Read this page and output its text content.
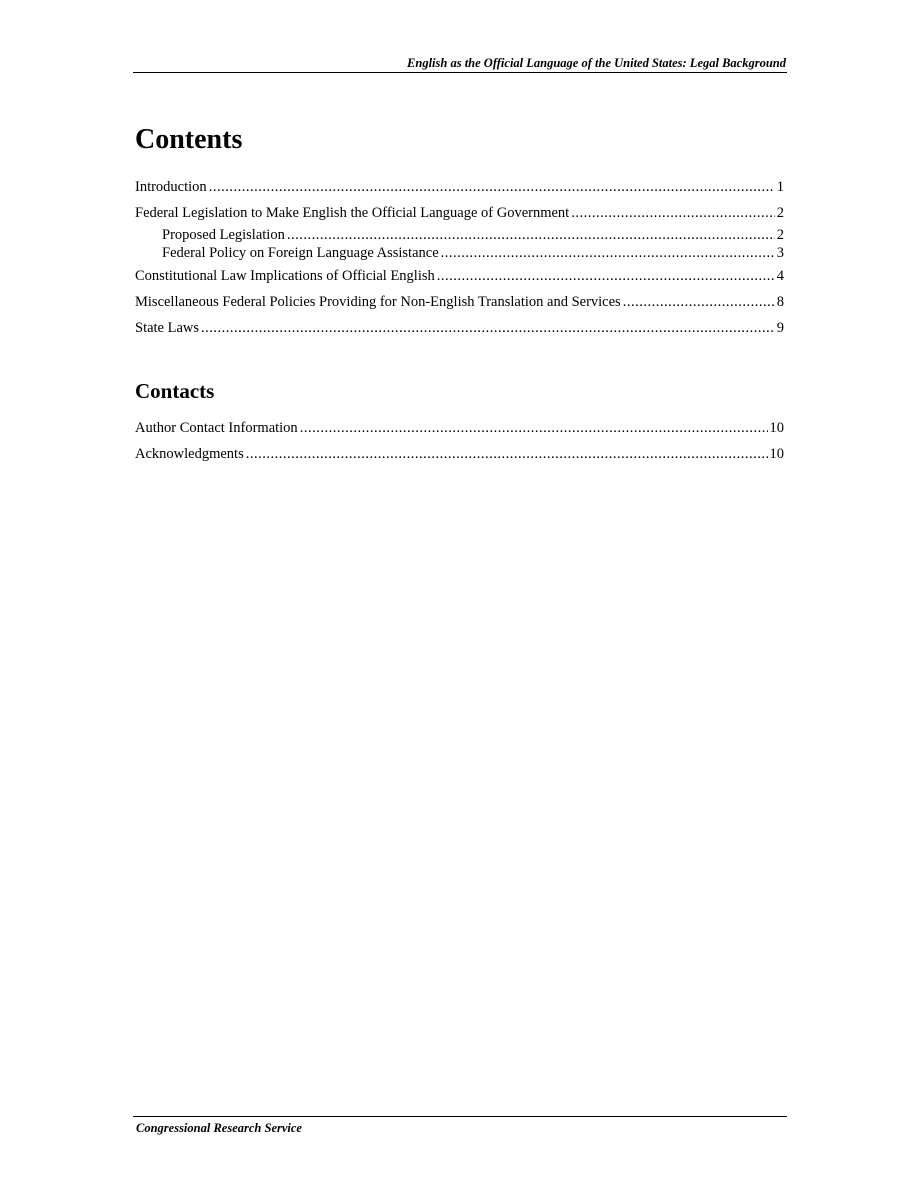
English as the Official Language of the United States: Legal Background
Contents
Introduction .....	1
Federal Legislation to Make English the Official Language of Government .....	2
Proposed Legislation .....	2
Federal Policy on Foreign Language Assistance .....	3
Constitutional Law Implications of Official English .....	4
Miscellaneous Federal Policies Providing for Non-English Translation and Services .....	8
State Laws .....	9
Contacts
Author Contact Information .....	10
Acknowledgments .....	10
Congressional Research Service
